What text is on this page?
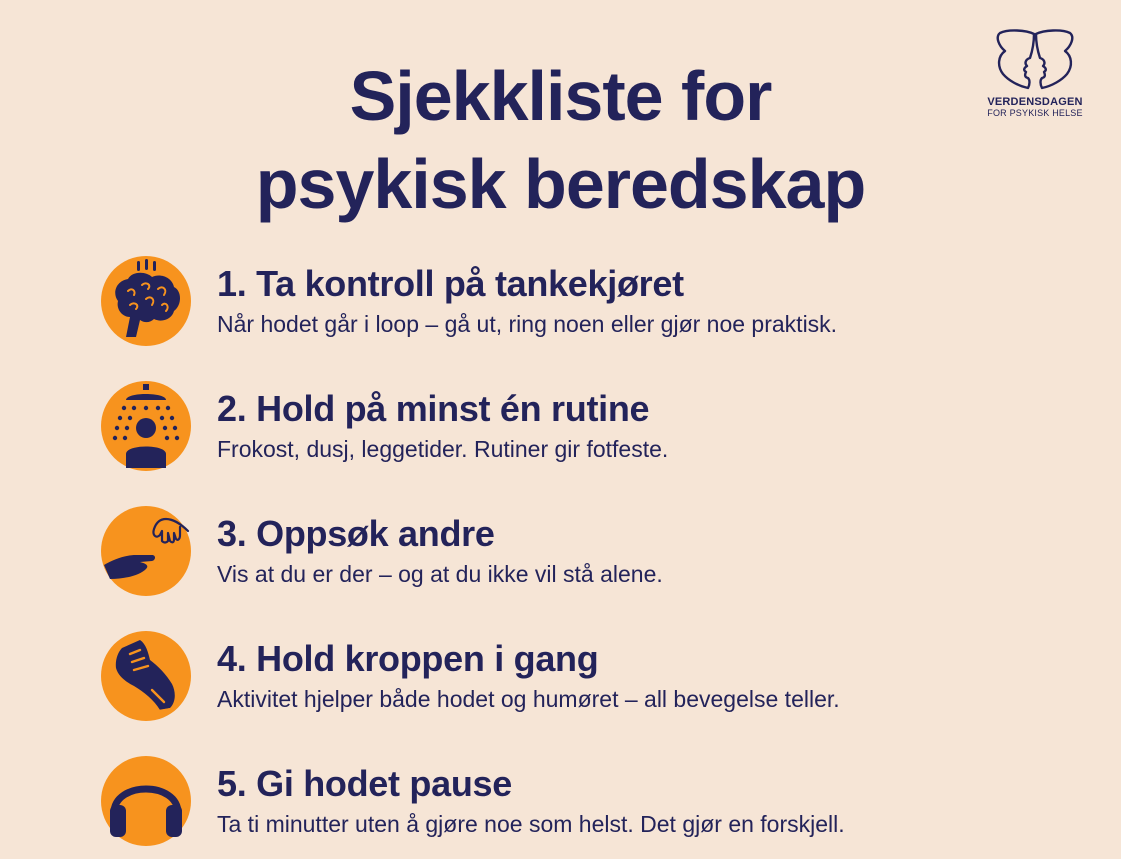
Sjekkliste for
psykisk beredskap
VERDENSDAGEN
FOR PSYKISK HELSE
1. Ta kontroll på tankekjøret

Når hodet går i loop – gå ut, ring noen eller gjør noe praktisk.

2. Hold på minst én rutine

Frokost, dusj, leggetider. Rutiner gir fotfeste.

3. Oppsøk andre

Vis at du er der – og at du ikke vil stå alene.

4. Hold kroppen i gang

Aktivitet hjelper både hodet og humøret – all bevegelse teller.

5. Gi hodet pause

Ta ti minutter uten å gjøre noe som helst. Det gjør en forskjell.
